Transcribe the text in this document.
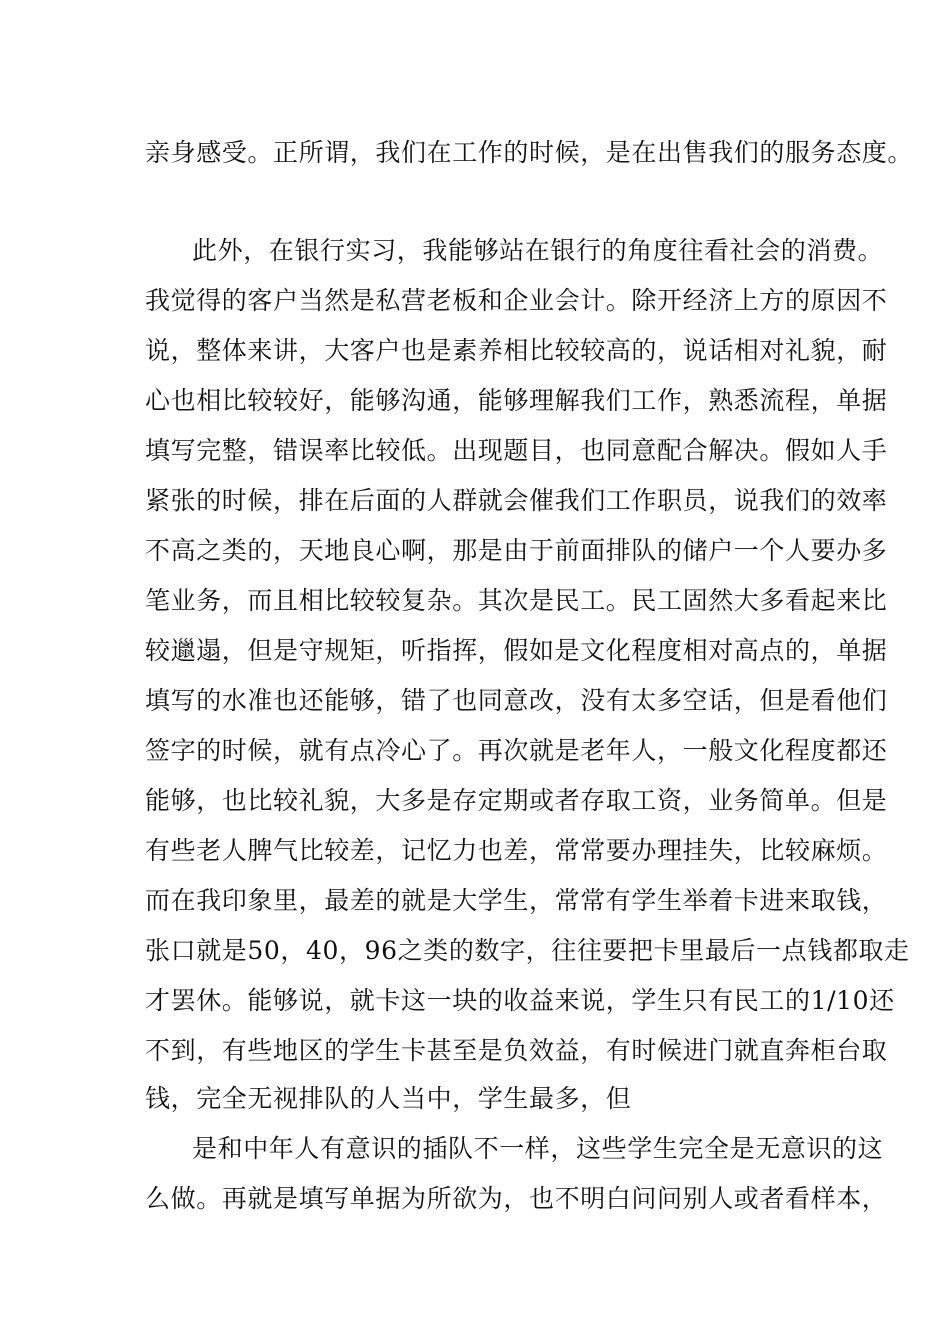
亲身感受。正所谓，我们在工作的时候，是在出售我们的服务态度。
此外，在银行实习，我能够站在银行的角度往看社会的消费。
我觉得的客户当然是私营老板和企业会计。除开经济上方的原因不
说，整体来讲，大客户也是素养相比较较高的，说话相对礼貌，耐
心也相比较较好，能够沟通，能够理解我们工作，熟悉流程，单据
填写完整，错误率比较低。出现题目，也同意配合解决。假如人手
紧张的时候，排在后面的人群就会催我们工作职员，说我们的效率
不高之类的，天地良心啊，那是由于前面排队的储户一个人要办多
笔业务，而且相比较较复杂。其次是民工。民工固然大多看起来比
较邋遢，但是守规矩，听指挥，假如是文化程度相对高点的，单据
填写的水准也还能够，错了也同意改，没有太多空话，但是看他们
签字的时候，就有点冷心了。再次就是老年人，一般文化程度都还
能够，也比较礼貌，大多是存定期或者存取工资，业务简单。但是
有些老人脾气比较差，记忆力也差，常常要办理挂失，比较麻烦。
而在我印象里，最差的就是大学生，常常有学生举着卡进来取钱，
张口就是50，40，96之类的数字，往往要把卡里最后一点钱都取走
才罢休。能够说，就卡这一块的收益来说，学生只有民工的1/10还
不到，有些地区的学生卡甚至是负效益，有时候进门就直奔柜台取
钱，完全无视排队的人当中，学生最多，但
是和中年人有意识的插队不一样，这些学生完全是无意识的这
么做。再就是填写单据为所欲为，也不明白问问别人或者看样本，
